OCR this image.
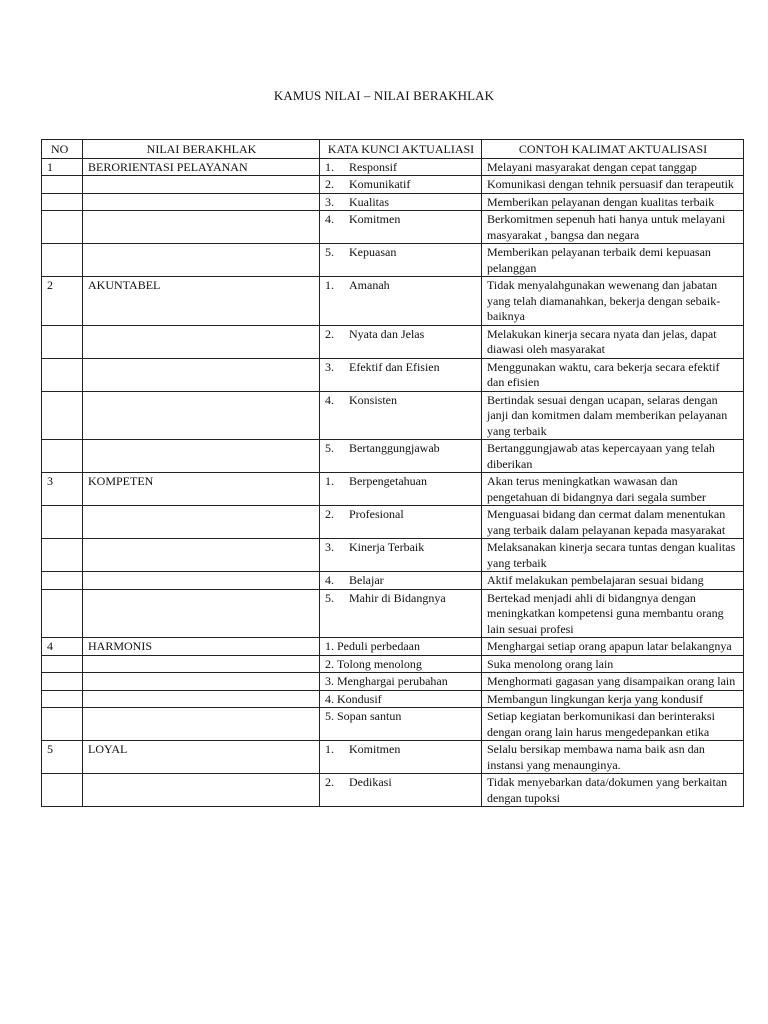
KAMUS NILAI – NILAI BERAKHLAK
NO	NILAI BERAKHLAK	KATA KUNCI AKTUALIASI	CONTOH KALIMAT AKTUALISASI
1	BERORIENTASI PELAYANAN	1. Responsif	Melayani masyarakat dengan cepat tanggap
		2. Komunikatif	Komunikasi dengan tehnik persuasif dan terapeutik
		3. Kualitas	Memberikan pelayanan dengan kualitas terbaik
		4. Komitmen	Berkomitmen sepenuh hati hanya untuk melayani masyarakat , bangsa dan negara
		5. Kepuasan	Memberikan pelayanan terbaik demi kepuasan pelanggan
2	AKUNTABEL	1. Amanah	Tidak menyalahgunakan wewenang dan jabatan yang telah diamanahkan, bekerja dengan sebaik-baiknya
		2. Nyata dan Jelas	Melakukan kinerja secara nyata dan jelas, dapat diawasi oleh masyarakat
		3. Efektif dan Efisien	Menggunakan waktu, cara bekerja secara efektif dan efisien
		4. Konsisten	Bertindak sesuai dengan ucapan, selaras dengan janji dan komitmen dalam memberikan pelayanan yang terbaik
		5. Bertanggungjawab	Bertanggungjawab atas kepercayaan yang telah diberikan
3	KOMPETEN	1. Berpengetahuan	Akan terus meningkatkan wawasan dan pengetahuan di bidangnya dari segala sumber
		2. Profesional	Menguasai bidang dan cermat dalam menentukan yang terbaik dalam pelayanan kepada masyarakat
		3. Kinerja Terbaik	Melaksanakan kinerja secara tuntas dengan kualitas yang terbaik
		4. Belajar	Aktif melakukan pembelajaran sesuai bidang
		5. Mahir di Bidangnya	Bertekad menjadi ahli di bidangnya dengan meningkatkan kompetensi guna membantu orang lain sesuai profesi
4	HARMONIS	1. Peduli perbedaan	Menghargai setiap orang apapun latar belakangnya
		2. Tolong menolong	Suka menolong orang lain
		3. Menghargai perubahan	Menghormati gagasan yang disampaikan orang lain
		4. Kondusif	Membangun lingkungan kerja yang kondusif
		5. Sopan santun	Setiap kegiatan berkomunikasi dan berinteraksi dengan orang lain harus mengedepankan etika
5	LOYAL	1. Komitmen	Selalu bersikap membawa nama baik asn dan instansi yang menaunginya.
		2. Dedikasi	Tidak menyebarkan data/dokumen yang berkaitan dengan tupoksi
